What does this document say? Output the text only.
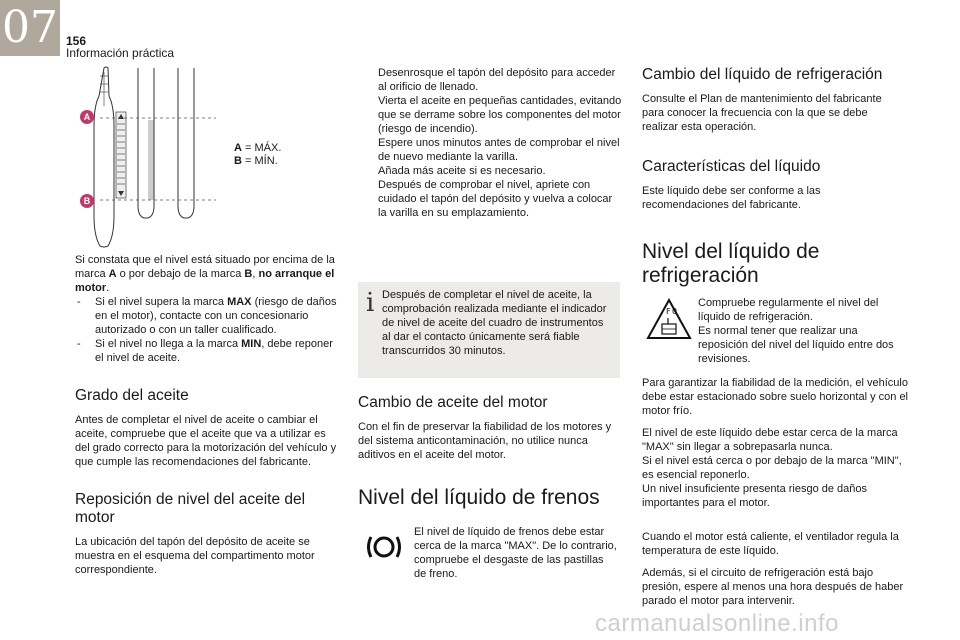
07 156
Información práctica
A
B
A = MÁX.
B = MÍN.

Si constata que el nivel está situado por encima de la marca A o por debajo de la marca B, no arranque el motor.

- Si el nivel supera la marca MAX (riesgo de daños en el motor), contacte con un concesionario autorizado o con un taller cualificado.
- Si el nivel no llega a la marca MIN, debe reponer el nivel de aceite.
Grado del aceite

Antes de completar el nivel de aceite o cambiar el aceite, compruebe que el aceite que va a utilizar es del grado correcto para la motorización del vehículo y que cumple las recomendaciones del fabricante.

Reposición de nivel del aceite del motor

La ubicación del tapón del depósito de aceite se muestra en el esquema del compartimento motor correspondiente.

Desenrosque el tapón del depósito para acceder al orificio de llenado.
Vierta el aceite en pequeñas cantidades, evitando que se derrame sobre los componentes del motor (riesgo de incendio).
Espere unos minutos antes de comprobar el nivel de nuevo mediante la varilla.
Añada más aceite si es necesario.
Después de comprobar el nivel, apriete con cuidado el tapón del depósito y vuelva a colocar la varilla en su emplazamiento.
i Después de completar el nivel de aceite, la comprobación realizada mediante el indicador de nivel de aceite del cuadro de instrumentos al dar el contacto únicamente será fiable transcurridos 30 minutos.
Cambio de aceite del motor

Con el fin de preservar la fiabilidad de los motores y del sistema anticontaminación, no utilice nunca aditivos en el aceite del motor.

Nivel del líquido de frenos
El nivel de líquido de frenos debe estar cerca de la marca "MAX". De lo contrario, compruebe el desgaste de las pastillas de freno.
Cambio del líquido de refrigeración

Consulte el Plan de mantenimiento del fabricante para conocer la frecuencia con la que se debe realizar esta operación.

Características del líquido

Este líquido debe ser conforme a las recomendaciones del fabricante.

Nivel del líquido de refrigeración
F 0
Compruebe regularmente el nivel del líquido de refrigeración.
Es normal tener que realizar una reposición del nivel del líquido entre dos revisiones.

Para garantizar la fiabilidad de la medición, el vehículo debe estar estacionado sobre suelo horizontal y con el motor frío.

El nivel de este líquido debe estar cerca de la marca "MAX" sin llegar a sobrepasarla nunca.
Si el nivel está cerca o por debajo de la marca "MIN", es esencial reponerlo.
Un nivel insuficiente presenta riesgo de daños importantes para el motor.

Cuando el motor está caliente, el ventilador regula la temperatura de este líquido.

Además, si el circuito de refrigeración está bajo presión, espere al menos una hora después de haber parado el motor para intervenir.

carmanualsonline.info
